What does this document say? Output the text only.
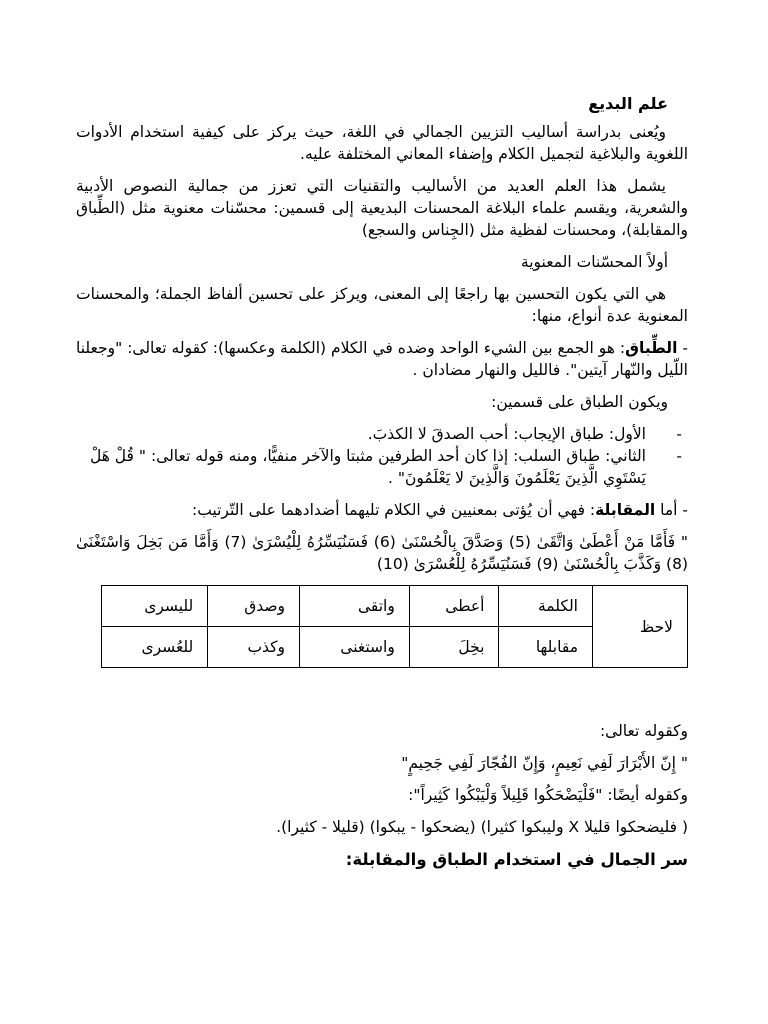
علم البديع

ويُعنى بدراسة أساليب التزيين الجمالي في اللغة، حيث يركز على كيفية استخدام الأدوات اللغوية والبلاغية لتجميل الكلام وإضفاء المعاني المختلفة عليه.

يشمل هذا العلم العديد من الأساليب والتقنيات التي تعزز من جمالية النصوص الأدبية والشعرية، ويقسم علماء البلاغة المحسنات البديعية إلى قسمين: محسّنات معنوية مثل (الطِّباق والمقابلة)، ومحسنات لفظية مثل (الجِناس والسجع)

أولاً المحسّنات المعنوية

هي التي يكون التحسين بها راجعًا إلى المعنى، ويركز على تحسين ألفاظ الجملة؛ والمحسنات المعنوية عدة أنواع، منها:

- الطِّباق: هو الجمع بين الشيء الواحد وضده في الكلام (الكلمة وعكسها): كقوله تعالى: "وجعلنا اللّيل والنّهار آيتين". فالليل والنهار مضادان .

ويكون الطباق على قسمين:
-
الأول: طباق الإيجاب: أحب الصدقَ لا الكذبَ.
-
الثاني: طباق السلب: إذا كان أحد الطرفين مثبتا والآخر منفيًّا، ومنه قوله تعالى: " قُلْ هَلْ يَسْتَوِي الَّذِينَ يَعْلَمُونَ وَالَّذِينَ لا يَعْلَمُونَ" .

- أما المقابلة: فهي أن يُؤتى بمعنيين في الكلام تليهما أضدادهما على التّرتيب:

" فَأَمَّا مَنْ أَعْطَىٰ وَاتَّقَىٰ (5) وَصَدَّقَ بِالْحُسْنَىٰ (6) فَسَنُيَسِّرُهُ لِلْيُسْرَىٰ (7) وَأَمَّا مَن بَخِلَ وَاسْتَغْنَىٰ (8) وَكَذَّبَ بِالْحُسْنَىٰ (9) فَسَنُيَسِّرُهُ لِلْعُسْرَىٰ (10)

لاحظ	الكلمة	أعطى	واتقى	وصدق	لليسرى
	مقابلها	بخِلَ	واستغنى	وكذب	للعُسرى
وكقوله تعالى:
" إِنّ الأَبْرَارَ لَفِي نَعِيمٍ، وَإِنّ الفُجّارَ لَفِي جَحِيمٍ"
وكقوله أيضًا: "فَلْيَضْحَكُوا قَلِيلاً وَلْيَبْكُوا كَثِيراً":
( فليضحكوا قليلا X وليبكوا كثيرا) (يضحكوا - يبكوا) (قليلا - كثيرا).
سر الجمال في استخدام الطباق والمقابلة:
